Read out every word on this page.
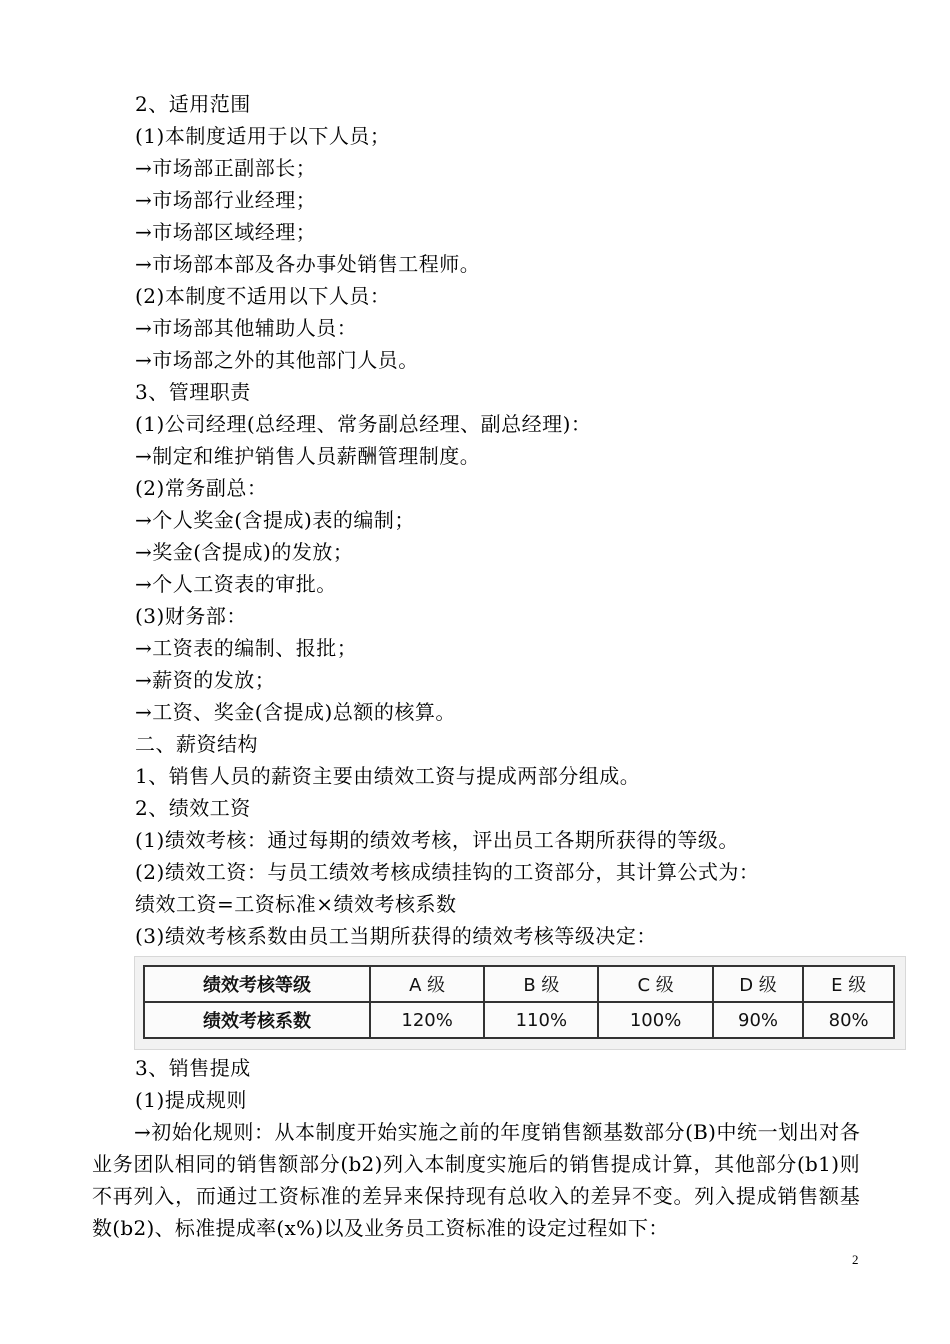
2、适用范围
(1)本制度适用于以下人员；
→市场部正副部长；
→市场部行业经理；
→市场部区域经理；
→市场部本部及各办事处销售工程师。
(2)本制度不适用以下人员：
→市场部其他辅助人员：
→市场部之外的其他部门人员。
3、管理职责
(1)公司经理(总经理、常务副总经理、副总经理)：
→制定和维护销售人员薪酬管理制度。
(2)常务副总：
→个人奖金(含提成)表的编制；
→奖金(含提成)的发放；
→个人工资表的审批。
(3)财务部：
→工资表的编制、报批；
→薪资的发放；
→工资、奖金(含提成)总额的核算。
二、薪资结构
1、销售人员的薪资主要由绩效工资与提成两部分组成。
2、绩效工资
(1)绩效考核：通过每期的绩效考核，评出员工各期所获得的等级。
(2)绩效工资：与员工绩效考核成绩挂钩的工资部分，其计算公式为：
绩效工资=工资标准×绩效考核系数
(3)绩效考核系数由员工当期所获得的绩效考核等级决定：
绩效考核等级	A 级	B 级	C 级	D 级	E 级
绩效考核系数	120%	110%	100%	90%	80%
3、销售提成
(1)提成规则
→初始化规则：从本制度开始实施之前的年度销售额基数部分(B)中统一划出对各业务团队相同的销售额部分(b2)列入本制度实施后的销售提成计算，其他部分(b1)则不再列入，而通过工资标准的差异来保持现有总收入的差异不变。列入提成销售额基数(b2)、标准提成率(x%)以及业务员工资标准的设定过程如下：
2
